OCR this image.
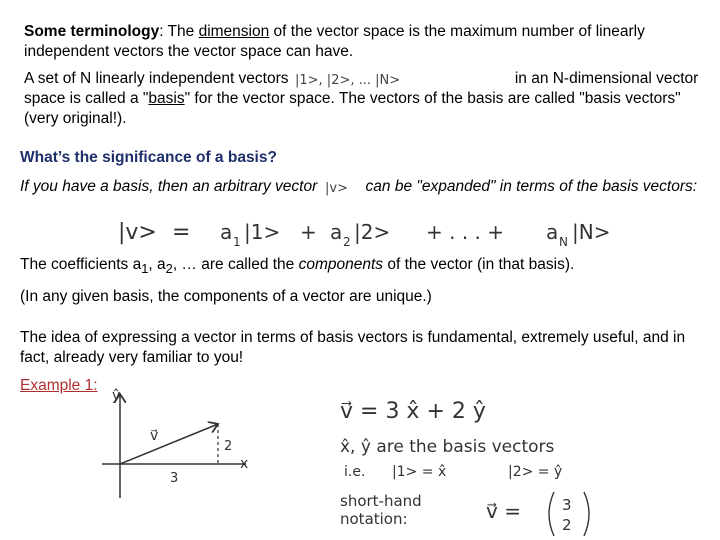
Some terminology: The dimension of the vector space is the maximum number of linearly independent vectors the vector space can have.
A set of N linearly independent vectors |1>, |2>, ... |N>	in an N-dimensional vector space is called a "basis" for the vector space. The vectors of the basis are called "basis vectors" (very original!).
What’s the significance of a basis?
If you have a basis, then an arbitrary vector |v> can be "expanded" in terms of the basis vectors:
|v> = a 1 |1> + a 2 |2> + . . . + a N |N>
The coefficients $a_1$, $a_2$, … are called the components of the vector (in that basis).
(In any given basis, the components of a vector are unique.)
The idea of expressing a vector in terms of basis vectors is fundamental, extremely useful, and in fact, already very familiar to you!
Example 1:
ŷ
x
v⃗
2
3
v⃗ = 3 x̂ + 2 ŷ
x̂, ŷ are the basis vectors
i.e. |1> = x̂	|2> = ŷ
short-hand
notation:	v⃗ =	3
2
